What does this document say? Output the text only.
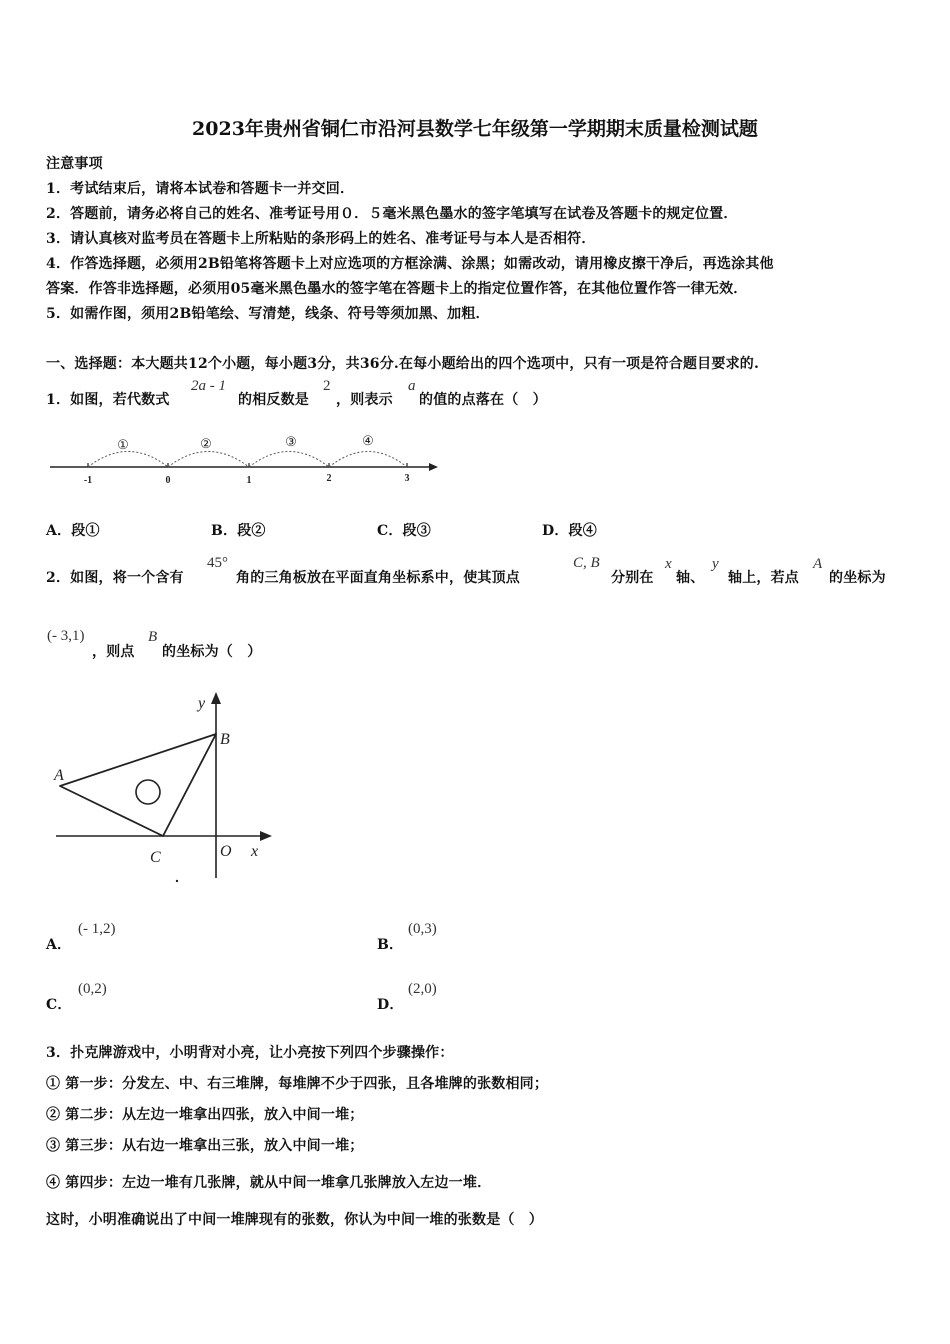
2023年贵州省铜仁市沿河县数学七年级第一学期期末质量检测试题
注意事项
1．考试结束后，请将本试卷和答题卡一并交回．
2．答题前，请务必将自己的姓名、准考证号用０．５毫米黑色墨水的签字笔填写在试卷及答题卡的规定位置．
3．请认真核对监考员在答题卡上所粘贴的条形码上的姓名、准考证号与本人是否相符．
4．作答选择题，必须用2B铅笔将答题卡上对应选项的方框涂满、涂黑；如需改动，请用橡皮擦干净后，再选涂其他
答案．作答非选择题，必须用05毫米黑色墨水的签字笔在答题卡上的指定位置作答，在其他位置作答一律无效．
5．如需作图，须用2B铅笔绘、写清楚，线条、符号等须加黑、加粗．
一、选择题：本大题共12个小题，每小题3分，共36分.在每小题给出的四个选项中，只有一项是符合题目要求的.
1．如图，若代数式
2a - 1
的相反数是
2
，则表示
a
的值的点落在（　）
①	②	③	④
-1	0	1	2	3
A．段①	B．段②	C．段③	D．段④
2．如图，将一个含有
45°
角的三角板放在平面直角坐标系中，使其顶点
C, B
分别在
x
轴、
y
轴上，若点
A
的坐标为
(- 3,1)
，则点
B
的坐标为（　）
y
x
B
A
C	O
A．
(- 1,2)
B．
(0,3)
C．
(0,2)
D．
(2,0)
3．扑克牌游戏中，小明背对小亮，让小亮按下列四个步骤操作：
① 第一步：分发左、中、右三堆牌，每堆牌不少于四张，且各堆牌的张数相同；
② 第二步：从左边一堆拿出四张，放入中间一堆；
③ 第三步：从右边一堆拿出三张，放入中间一堆；
④ 第四步：左边一堆有几张牌，就从中间一堆拿几张牌放入左边一堆．
这时，小明准确说出了中间一堆牌现有的张数，你认为中间一堆的张数是（　）
